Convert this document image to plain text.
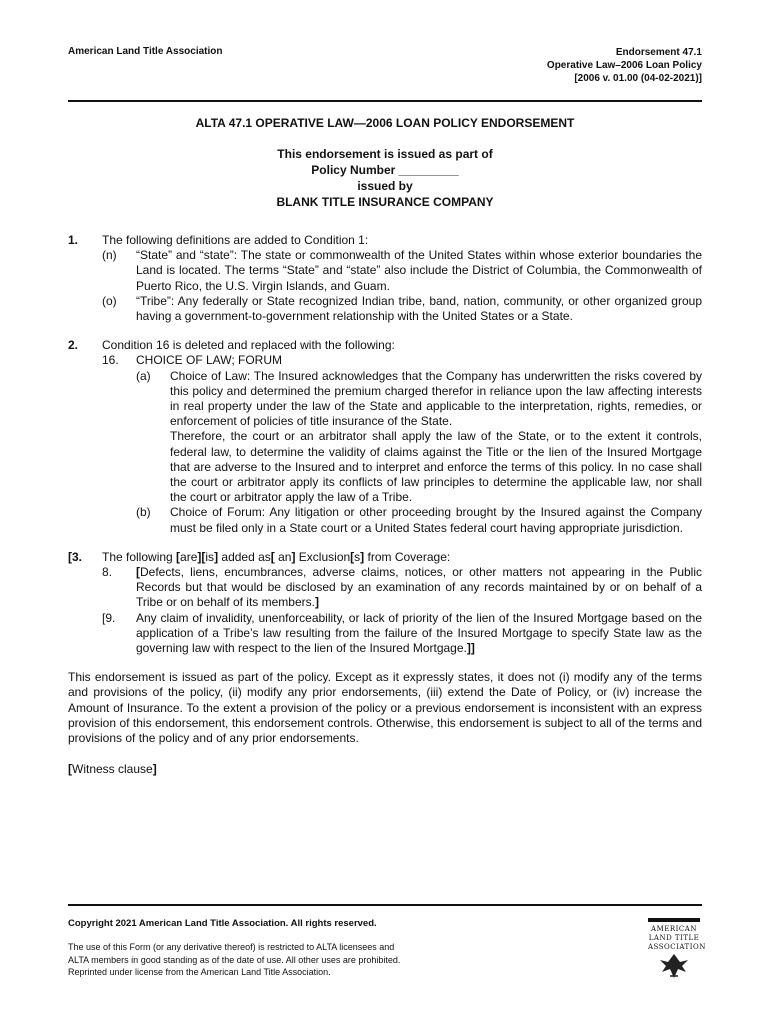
American Land Title Association	Endorsement 47.1
Operative Law–2006 Loan Policy
[2006 v. 01.00 (04-02-2021)]
ALTA 47.1 OPERATIVE LAW—2006 LOAN POLICY ENDORSEMENT
This endorsement is issued as part of
Policy Number _________
issued by
BLANK TITLE INSURANCE COMPANY
1. The following definitions are added to Condition 1:
(n)	“State” and “state”: The state or commonwealth of the United States within whose exterior boundaries the Land is located. The terms “State” and “state” also include the District of Columbia, the Commonwealth of Puerto Rico, the U.S. Virgin Islands, and Guam.
(o)	“Tribe”: Any federally or State recognized Indian tribe, band, nation, community, or other organized group having a government-to-government relationship with the United States or a State.
2. Condition 16 is deleted and replaced with the following:
16.	CHOICE OF LAW; FORUM
(a)	Choice of Law: The Insured acknowledges that the Company has underwritten the risks covered by this policy and determined the premium charged therefor in reliance upon the law affecting interests in real property under the law of the State and applicable to the interpretation, rights, remedies, or enforcement of policies of title insurance of the State.
Therefore, the court or an arbitrator shall apply the law of the State, or to the extent it controls, federal law, to determine the validity of claims against the Title or the lien of the Insured Mortgage that are adverse to the Insured and to interpret and enforce the terms of this policy. In no case shall the court or arbitrator apply its conflicts of law principles to determine the applicable law, nor shall the court or arbitrator apply the law of a Tribe.
(b)	Choice of Forum: Any litigation or other proceeding brought by the Insured against the Company must be filed only in a State court or a United States federal court having appropriate jurisdiction.
[3. The following [are][is] added as[ an] Exclusion[s] from Coverage:
8.	[Defects, liens, encumbrances, adverse claims, notices, or other matters not appearing in the Public Records but that would be disclosed by an examination of any records maintained by or on behalf of a Tribe or on behalf of its members.]
[9.	Any claim of invalidity, unenforceability, or lack of priority of the lien of the Insured Mortgage based on the application of a Tribe’s law resulting from the failure of the Insured Mortgage to specify State law as the governing law with respect to the lien of the Insured Mortgage.]]
This endorsement is issued as part of the policy. Except as it expressly states, it does not (i) modify any of the terms and provisions of the policy, (ii) modify any prior endorsements, (iii) extend the Date of Policy, or (iv) increase the Amount of Insurance. To the extent a provision of the policy or a previous endorsement is inconsistent with an express provision of this endorsement, this endorsement controls. Otherwise, this endorsement is subject to all of the terms and provisions of the policy and of any prior endorsements.
[Witness clause]
Copyright 2021 American Land Title Association. All rights reserved.
The use of this Form (or any derivative thereof) is restricted to ALTA licensees and
ALTA members in good standing as of the date of use. All other uses are prohibited.
Reprinted under license from the American Land Title Association.
AMERICAN
LAND TITLE
ASSOCIATION
